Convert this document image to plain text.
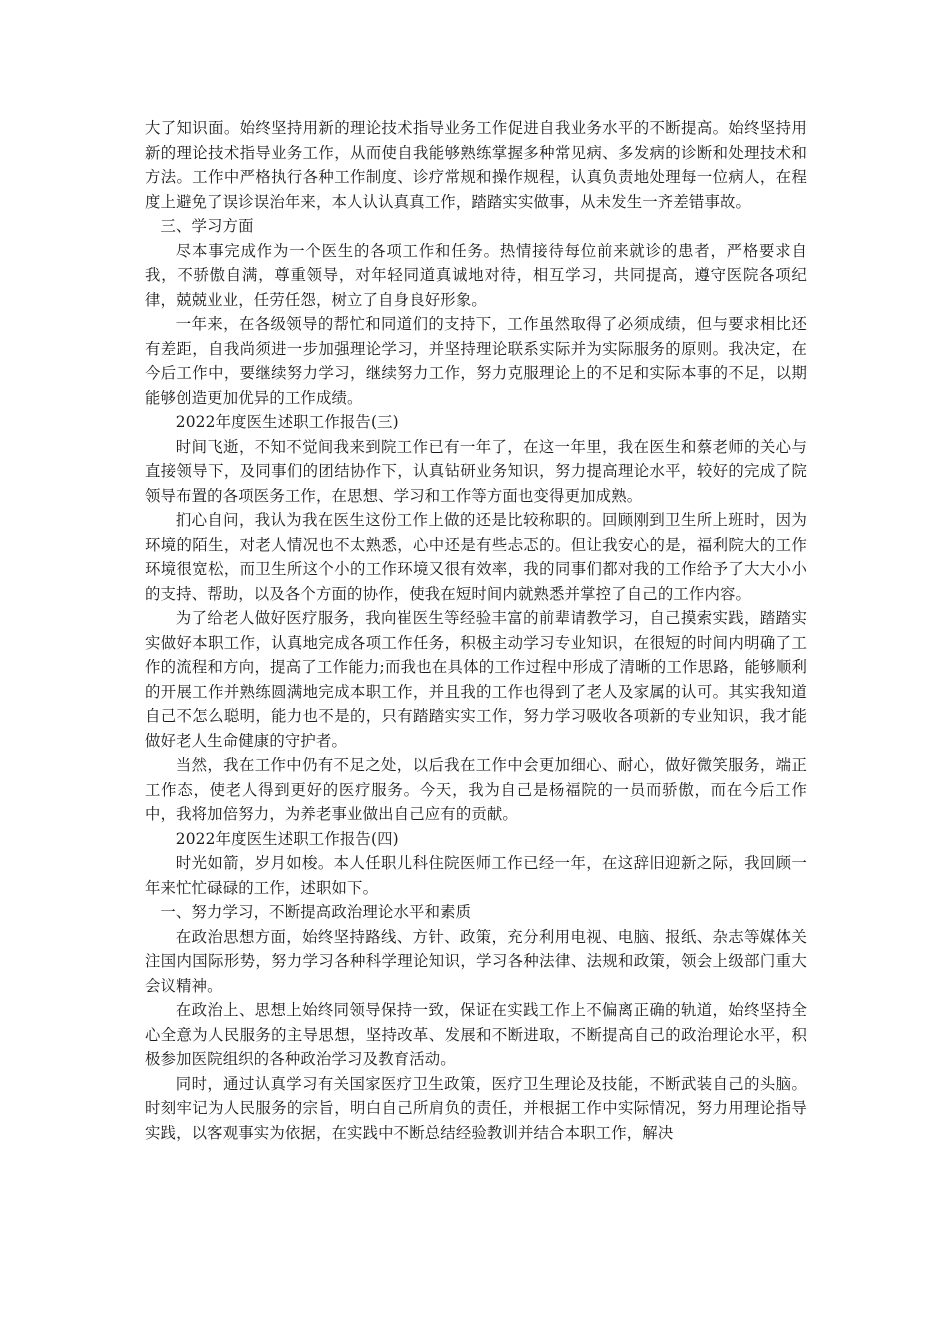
大了知识面。始终坚持用新的理论技术指导业务工作促进自我业务水平的不断提高。始终坚持用新的理论技术指导业务工作，从而使自我能够熟练掌握多种常见病、多发病的诊断和处理技术和方法。工作中严格执行各种工作制度、诊疗常规和操作规程，认真负责地处理每一位病人，在程度上避免了误诊误治年来，本人认认真真工作，踏踏实实做事，从未发生一齐差错事故。

三、学习方面

尽本事完成作为一个医生的各项工作和任务。热情接待每位前来就诊的患者，严格要求自我，不骄傲自满，尊重领导，对年轻同道真诚地对待，相互学习，共同提高，遵守医院各项纪律，兢兢业业，任劳任怨，树立了自身良好形象。

一年来，在各级领导的帮忙和同道们的支持下，工作虽然取得了必须成绩，但与要求相比还有差距，自我尚须进一步加强理论学习，并坚持理论联系实际并为实际服务的原则。我决定，在今后工作中，要继续努力学习，继续努力工作，努力克服理论上的不足和实际本事的不足，以期能够创造更加优异的工作成绩。

2022年度医生述职工作报告(三)

时间飞逝，不知不觉间我来到院工作已有一年了，在这一年里，我在医生和蔡老师的关心与直接领导下，及同事们的团结协作下，认真钻研业务知识，努力提高理论水平，较好的完成了院领导布置的各项医务工作，在思想、学习和工作等方面也变得更加成熟。

扪心自问，我认为我在医生这份工作上做的还是比较称职的。回顾刚到卫生所上班时，因为环境的陌生，对老人情况也不太熟悉，心中还是有些忐忑的。但让我安心的是，福利院大的工作环境很宽松，而卫生所这个小的工作环境又很有效率，我的同事们都对我的工作给予了大大小小的支持、帮助，以及各个方面的协作，使我在短时间内就熟悉并掌控了自己的工作内容。

为了给老人做好医疗服务，我向崔医生等经验丰富的前辈请教学习，自己摸索实践，踏踏实实做好本职工作，认真地完成各项工作任务，积极主动学习专业知识，在很短的时间内明确了工作的流程和方向，提高了工作能力;而我也在具体的工作过程中形成了清晰的工作思路，能够顺利的开展工作并熟练圆满地完成本职工作，并且我的工作也得到了老人及家属的认可。其实我知道自己不怎么聪明，能力也不是的，只有踏踏实实工作，努力学习吸收各项新的专业知识，我才能做好老人生命健康的守护者。

当然，我在工作中仍有不足之处，以后我在工作中会更加细心、耐心，做好微笑服务，端正工作态，使老人得到更好的医疗服务。今天，我为自己是杨福院的一员而骄傲，而在今后工作中，我将加倍努力，为养老事业做出自己应有的贡献。

2022年度医生述职工作报告(四)

时光如箭，岁月如梭。本人任职儿科住院医师工作已经一年，在这辞旧迎新之际，我回顾一年来忙忙碌碌的工作，述职如下。

一、努力学习，不断提高政治理论水平和素质

在政治思想方面，始终坚持路线、方针、政策，充分利用电视、电脑、报纸、杂志等媒体关注国内国际形势，努力学习各种科学理论知识，学习各种法律、法规和政策，领会上级部门重大会议精神。

在政治上、思想上始终同领导保持一致，保证在实践工作上不偏离正确的轨道，始终坚持全心全意为人民服务的主导思想，坚持改革、发展和不断进取，不断提高自己的政治理论水平，积极参加医院组织的各种政治学习及教育活动。

同时，通过认真学习有关国家医疗卫生政策，医疗卫生理论及技能，不断武装自己的头脑。时刻牢记为人民服务的宗旨，明白自己所肩负的责任，并根据工作中实际情况，努力用理论指导实践，以客观事实为依据，在实践中不断总结经验教训并结合本职工作，解决
